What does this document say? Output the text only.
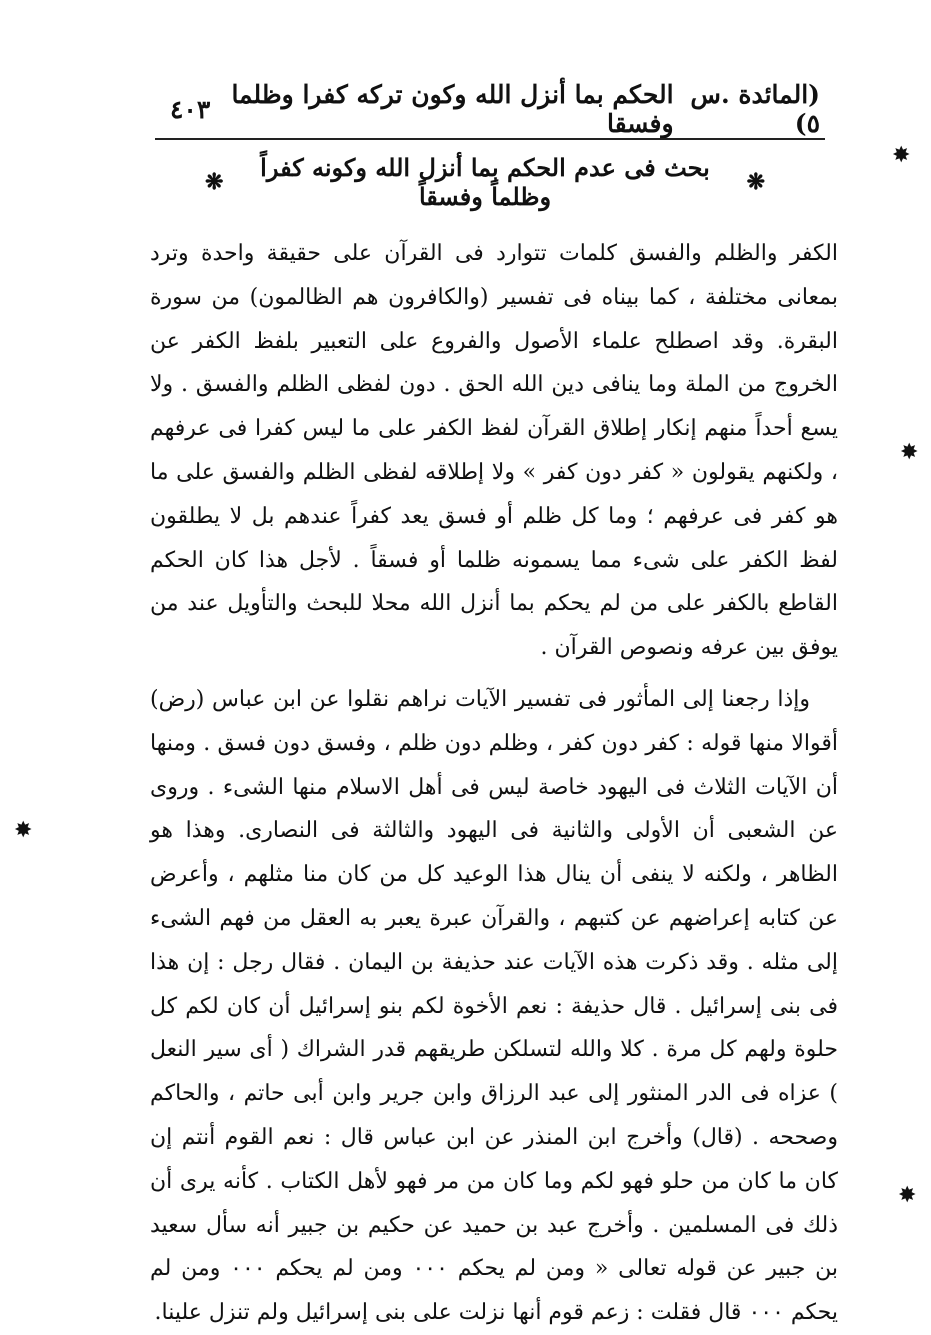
(المائدة .س ٥)
الحكم بما أنزل الله وكون تركه كفرا وظلما وفسقا
٤٠٣
✸
✸
✸
✸
❋
بحث فى عدم الحكم بما أنزل الله وكونه كفراً وظلماً وفسقاً
❋

الكفر والظلم والفسق كلمات تتوارد فى القرآن على حقيقة واحدة وترد بمعانى مختلفة ، كما بيناه فى تفسير (والكافرون هم الظالمون) من سورة البقرة. وقد اصطلح علماء الأصول والفروع على التعبير بلفظ الكفر عن الخروج من الملة وما ينافى دين الله الحق . دون لفظى الظلم والفسق . ولا يسع أحداً منهم إنكار إطلاق القرآن لفظ الكفر على ما ليس كفرا فى عرفهم ، ولكنهم يقولون « كفر دون كفر » ولا إطلاقه لفظى الظلم والفسق على ما هو كفر فى عرفهم ؛ وما كل ظلم أو فسق يعد كفراً عندهم بل لا يطلقون لفظ الكفر على شىء مما يسمونه ظلما أو فسقاً . لأجل هذا كان الحكم القاطع بالكفر على من لم يحكم بما أنزل الله محلا للبحث والتأويل عند من يوفق بين عرفه ونصوص القرآن .

وإذا رجعنا إلى المأثور فى تفسير الآيات نراهم نقلوا عن ابن عباس (رض) أقوالا منها قوله : كفر دون كفر ، وظلم دون ظلم ، وفسق دون فسق . ومنها أن الآيات الثلاث فى اليهود خاصة ليس فى أهل الاسلام منها الشىء . وروى عن الشعبى أن الأولى والثانية فى اليهود والثالثة فى النصارى. وهذا هو الظاهر ، ولكنه لا ينفى أن ينال هذا الوعيد كل من كان منا مثلهم ، وأعرض عن كتابه إعراضهم عن كتبهم ، والقرآن عبرة يعبر به العقل من فهم الشىء إلى مثله . وقد ذكرت هذه الآيات عند حذيفة بن اليمان . فقال رجل : إن هذا فى بنى إسرائيل . قال حذيفة : نعم الأخوة لكم بنو إسرائيل أن كان لكم كل حلوة ولهم كل مرة . كلا والله لتسلكن طريقهم قدر الشراك ( أى سير النعل ) عزاه فى الدر المنثور إلى عبد الرزاق وابن جرير وابن أبى حاتم ، والحاكم وصححه . (قال) وأخرج ابن المنذر عن ابن عباس قال : نعم القوم أنتم إن كان ما كان من حلو فهو لكم وما كان من مر فهو لأهل الكتاب . كأنه يرى أن ذلك فى المسلمين . وأخرج عبد بن حميد عن حكيم بن جبير أنه سأل سعيد بن جبير عن قوله تعالى « ومن لم يحكم ٠٠٠ ومن لم يحكم ٠٠٠ ومن لم يحكم ٠٠٠ قال فقلت : زعم قوم أنها نزلت على بنى إسرائيل ولم تنزل علينا.
